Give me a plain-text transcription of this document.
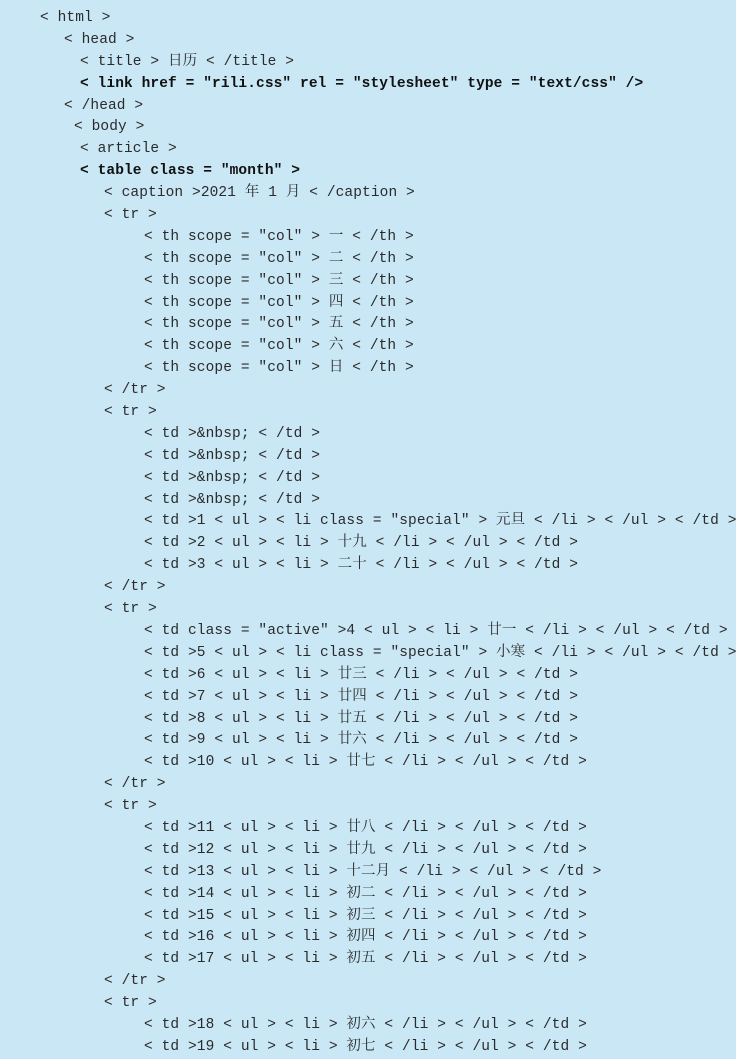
< html >
< head >
< title > 日历 < /title >
< link href = "rili.css" rel = "stylesheet" type = "text/css" />
< /head >
< body >
< article >
< table class = "month" >
< caption >2021 年 1 月 < /caption >
< tr >
< th scope = "col" > 一 < /th >
< th scope = "col" > 二 < /th >
< th scope = "col" > 三 < /th >
< th scope = "col" > 四 < /th >
< th scope = "col" > 五 < /th >
< th scope = "col" > 六 < /th >
< th scope = "col" > 日 < /th >
< /tr >
< tr >
< td >&nbsp; < /td >
< td >&nbsp; < /td >
< td >&nbsp; < /td >
< td >&nbsp; < /td >
< td >1 < ul > < li class = "special" > 元旦 < /li > < /ul > < /td >
< td >2 < ul > < li > 十九 < /li > < /ul > < /td >
< td >3 < ul > < li > 二十 < /li > < /ul > < /td >
< /tr >
< tr >
< td class = "active" >4 < ul > < li > 廿一 < /li > < /ul > < /td >
< td >5 < ul > < li class = "special" > 小寒 < /li > < /ul > < /td >
< td >6 < ul > < li > 廿三 < /li > < /ul > < /td >
< td >7 < ul > < li > 廿四 < /li > < /ul > < /td >
< td >8 < ul > < li > 廿五 < /li > < /ul > < /td >
< td >9 < ul > < li > 廿六 < /li > < /ul > < /td >
< td >10 < ul > < li > 廿七 < /li > < /ul > < /td >
< /tr >
< tr >
< td >11 < ul > < li > 廿八 < /li > < /ul > < /td >
< td >12 < ul > < li > 廿九 < /li > < /ul > < /td >
< td >13 < ul > < li > 十二月 < /li > < /ul > < /td >
< td >14 < ul > < li > 初二 < /li > < /ul > < /td >
< td >15 < ul > < li > 初三 < /li > < /ul > < /td >
< td >16 < ul > < li > 初四 < /li > < /ul > < /td >
< td >17 < ul > < li > 初五 < /li > < /ul > < /td >
< /tr >
< tr >
< td >18 < ul > < li > 初六 < /li > < /ul > < /td >
< td >19 < ul > < li > 初七 < /li > < /ul > < /td >
